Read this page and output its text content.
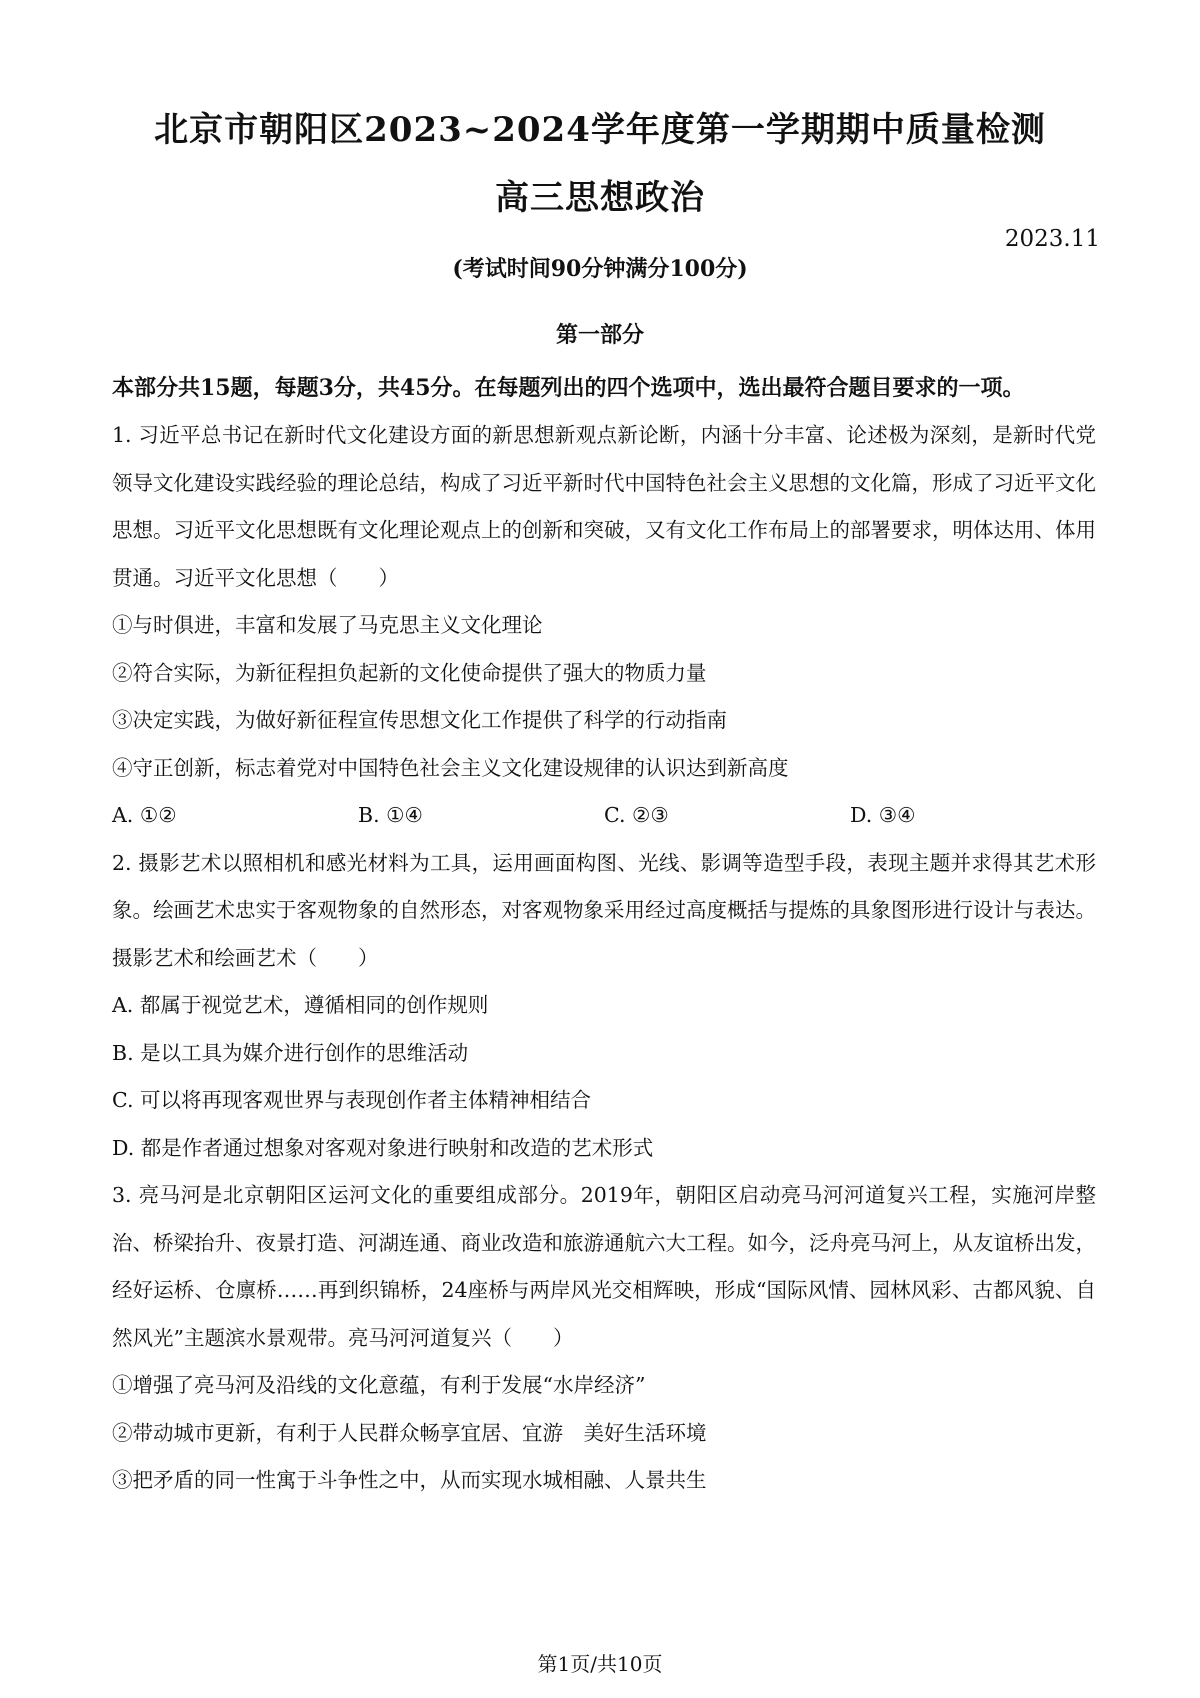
北京市朝阳区2023~2024学年度第一学期期中质量检测
高三思想政治
2023.11
(考试时间90分钟满分100分)
第一部分
本部分共15题，每题3分，共45分。在每题列出的四个选项中，选出最符合题目要求的一项。
1. 习近平总书记在新时代文化建设方面的新思想新观点新论断，内涵十分丰富、论述极为深刻，是新时代党领导文化建设实践经验的理论总结，构成了习近平新时代中国特色社会主义思想的文化篇，形成了习近平文化思想。习近平文化思想既有文化理论观点上的创新和突破，又有文化工作布局上的部署要求，明体达用、体用贯通。习近平文化思想（　　）
①与时俱进，丰富和发展了马克思主义文化理论
②符合实际，为新征程担负起新的文化使命提供了强大的物质力量
③决定实践，为做好新征程宣传思想文化工作提供了科学的行动指南
④守正创新，标志着党对中国特色社会主义文化建设规律的认识达到新高度
A. ①②	B. ①④	C. ②③	D. ③④
2. 摄影艺术以照相机和感光材料为工具，运用画面构图、光线、影调等造型手段，表现主题并求得其艺术形象。绘画艺术忠实于客观物象的自然形态，对客观物象采用经过高度概括与提炼的具象图形进行设计与表达。摄影艺术和绘画艺术（　　）
A. 都属于视觉艺术，遵循相同的创作规则
B. 是以工具为媒介进行创作的思维活动
C. 可以将再现客观世界与表现创作者主体精神相结合
D. 都是作者通过想象对客观对象进行映射和改造的艺术形式
3. 亮马河是北京朝阳区运河文化的重要组成部分。2019年，朝阳区启动亮马河河道复兴工程，实施河岸整治、桥梁抬升、夜景打造、河湖连通、商业改造和旅游通航六大工程。如今，泛舟亮马河上，从友谊桥出发，经好运桥、仓廪桥……再到织锦桥，24座桥与两岸风光交相辉映，形成“国际风情、园林风彩、古都风貌、自然风光”主题滨水景观带。亮马河河道复兴（　　）
①增强了亮马河及沿线的文化意蕴，有利于发展“水岸经济”
②带动城市更新，有利于人民群众畅享宜居、宜游　美好生活环境
③把矛盾的同一性寓于斗争性之中，从而实现水城相融、人景共生
第1页/共10页
